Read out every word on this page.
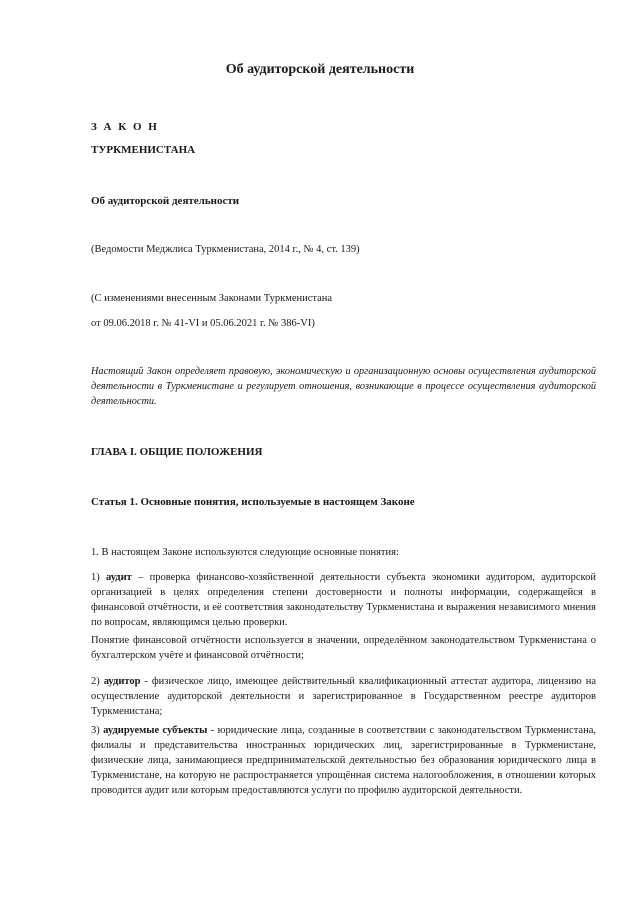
Об аудиторской деятельности
З А К О Н
ТУРКМЕНИСТАНА
Об аудиторской деятельности
(Ведомости Меджлиса Туркменистана, 2014 г., № 4, ст. 139)
(С изменениями внесенным Законами Туркменистана
от 09.06.2018 г. № 41-VI и 05.06.2021 г. № 386-VI)
Настоящий Закон определяет правовую, экономическую и организационную основы осуществления аудиторской деятельности в Туркменистане и регулирует отношения, возникающие в процессе осуществления аудиторской деятельности.
ГЛАВА I. ОБЩИЕ ПОЛОЖЕНИЯ
Статья 1. Основные понятия, используемые в настоящем Законе
1. В настоящем Законе используются следующие основные понятия:
1) аудит – проверка финансово-хозяйственной деятельности субъекта экономики аудитором, аудиторской организацией в целях определения степени достоверности и полноты информации, содержащейся в финансовой отчётности, и её соответствия законодательству Туркменистана и выражения независимого мнения по вопросам, являющимся целью проверки.
Понятие финансовой отчётности используется в значении, определённом законодательством Туркменистана о бухгалтерском учёте и финансовой отчётности;
2) аудитор - физическое лицо, имеющее действительный квалификационный аттестат аудитора, лицензию на осуществление аудиторской деятельности и зарегистрированное в Государственном реестре аудиторов Туркменистана;
3) аудируемые субъекты - юридические лица, созданные в соответствии с законодательством Туркменистана, филиалы и представительства иностранных юридических лиц, зарегистрированные в Туркменистане, физические лица, занимающиеся предпринимательской деятельностью без образования юридического лица в Туркменистане, на которую не распространяется упрощённая система налогообложения, в отношении которых проводится аудит или которым предоставляются услуги по профилю аудиторской деятельности.
